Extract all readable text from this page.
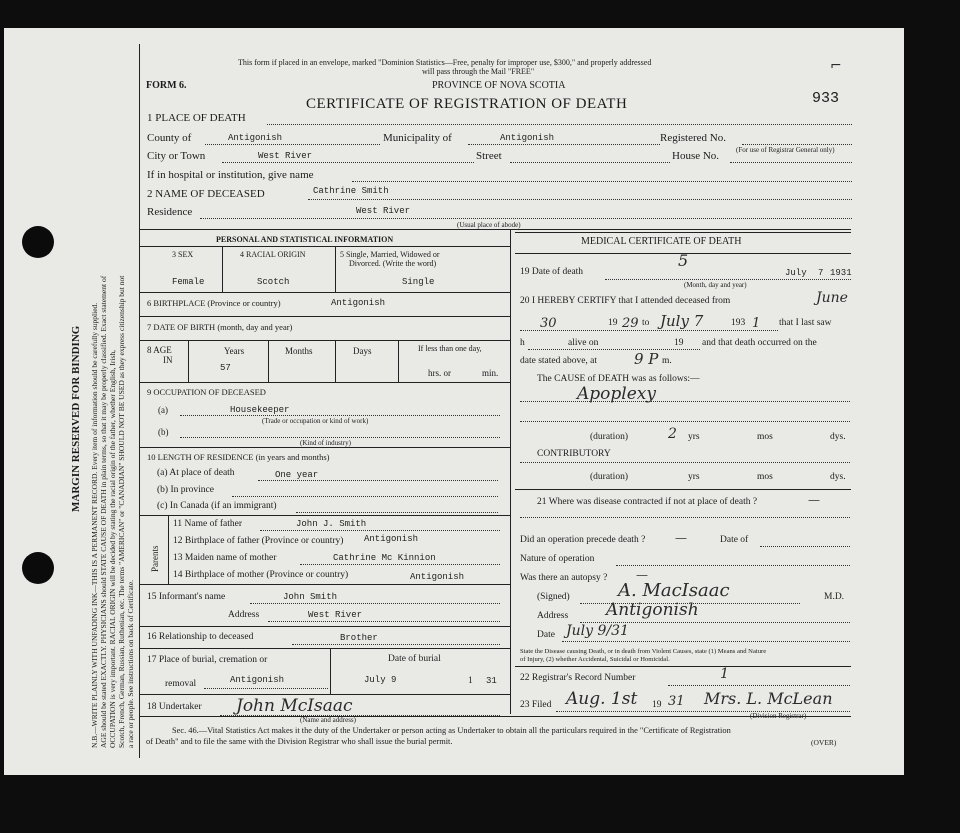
MARGIN RESERVED FOR BINDING N.B.—WRITE PLAINLY WITH UNFADING INK—THIS IS A PERMANENT RECORD. Every item of information should be carefully supplied. AGE should be stated EXACTLY. PHYSICIANS should STATE CAUSE OF DEATH in plain terms, so that it may be properly classified. Exact statement of OCCUPATION is very important. RACIAL ORIGIN will be decided by stating the racial origin of the father, whether English, Irish, Scotch, French, German, Russian, Ruthenian, etc. The terms "AMERICAN" or "CANADIAN" SHOULD NOT BE USED as they express citizenship but not a race or people. See instructions on back of Certificate.
This form if placed in an envelope, marked "Dominion Statistics—Free, penalty for improper use, $300," and properly addressed
will pass through the Mail "FREE"
FORM 6.	PROVINCE OF NOVA SCOTIA
CERTIFICATE OF REGISTRATION OF DEATH	933
⌐
1 PLACE OF DEATH
County of	Antigonish	Municipality of	Antigonish	Registered No.
(For use of Registrar General only)
City or Town	West River	Street	House No.
If in hospital or institution, give name
2 NAME OF DECEASED	Cathrine Smith
Residence	West River
(Usual place of abode)
PERSONAL AND STATISTICAL INFORMATION
3 SEX
Female
4 RACIAL ORIGIN
Scotch
5 Single, Married, Widowed or
Divorced. (Write the word)
Single
6 BIRTHPLACE (Province or country)	Antigonish
7 DATE OF BIRTH (month, day and year)
8 AGE
IN
Years
57
Months	Days	If less than one day,
hrs. or	min.
9 OCCUPATION OF DECEASED
(a)	Housekeeper
(Trade or occupation or kind of work)
(b)
(Kind of industry)
10 LENGTH OF RESIDENCE (in years and months)
(a) At place of death	One year
(b) In province
(c) In Canada (if an immigrant)
Parents
11 Name of father	John J. Smith
12 Birthplace of father (Province or country) Antigonish
13 Maiden name of mother	Cathrine Mc Kinnion
14 Birthplace of mother (Province or country)	Antigonish
15 Informant's name	John Smith
Address	West River
16 Relationship to deceased	Brother
17 Place of burial, cremation or
removal	Antigonish
Date of burial
July 9	1 31
18 Undertaker John McIsaac
(Name and address)
MEDICAL CERTIFICATE OF DEATH
19 Date of death
5
July 7 1931
(Month, day and year)
20 I HEREBY CERTIFY that I attended deceased from	June
30	19 29 to July 7	193 1 that I last saw
h	alive on	19 and that death occurred on the
date stated above, at 9 P m.
The CAUSE of DEATH was as follows:—
Apoplexy
(duration)	2 yrs	mos	dys.
CONTRIBUTORY
(duration)	yrs	mos	dys.
21 Where was disease contracted if not at place of death ?	—
Did an operation precede death ? —	Date of
Nature of operation
Was there an autopsy ? —
(Signed)	A. MacIsaac	M.D.
Address Antigonish
Date July 9/31
State the Disease causing Death, or in death from Violent Causes, state (1) Means and Nature
of Injury, (2) whether Accidental, Suicidal or Homicidal.
22 Registrar's Record Number	1
23 Filed Aug. 1st 19 31 Mrs. L. McLean
(Division Registrar)
Sec. 46.—Vital Statistics Act makes it the duty of the Undertaker or person acting as Undertaker to obtain all the particulars required in the "Certificate of Registration
of Death" and to file the same with the Division Registrar who shall issue the burial permit.	(OVER)
